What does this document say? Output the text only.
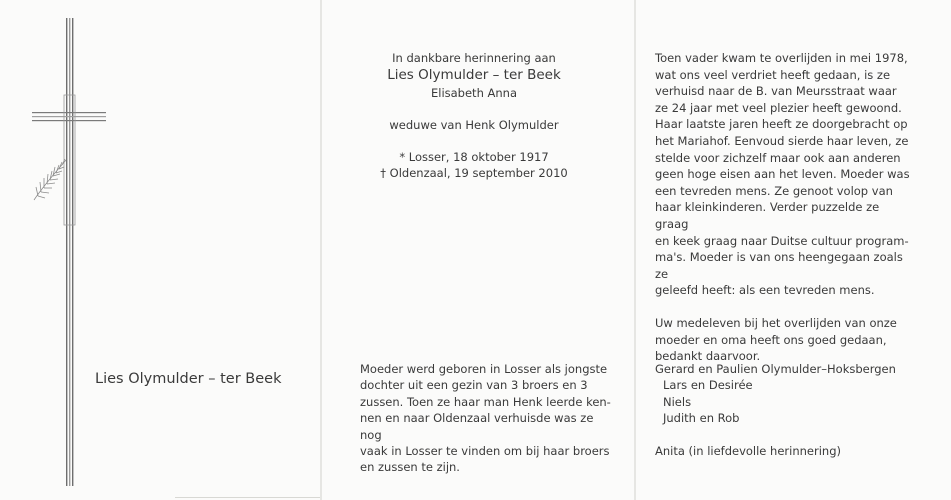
Lies Olymulder – ter Beek
In dankbare herinnering aan
Lies Olymulder – ter Beek
Elisabeth Anna
weduwe van Henk Olymulder
* Losser, 18 oktober 1917
† Oldenzaal, 19 september 2010
Moeder werd geboren in Losser als jongste
dochter uit een gezin van 3 broers en 3
zussen. Toen ze haar man Henk leerde ken-
nen en naar Oldenzaal verhuisde was ze nog
vaak in Losser te vinden om bij haar broers
en zussen te zijn.
Toen vader kwam te overlijden in mei 1978,
wat ons veel verdriet heeft gedaan, is ze
verhuisd naar de B. van Meursstraat waar
ze 24 jaar met veel plezier heeft gewoond.
Haar laatste jaren heeft ze doorgebracht op
het Mariahof. Eenvoud sierde haar leven, ze
stelde voor zichzelf maar ook aan anderen
geen hoge eisen aan het leven. Moeder was
een tevreden mens. Ze genoot volop van
haar kleinkinderen. Verder puzzelde ze graag
en keek graag naar Duitse cultuur program-
ma's. Moeder is van ons heengegaan zoals ze
geleefd heeft: als een tevreden mens.
Uw medeleven bij het overlijden van onze
moeder en oma heeft ons goed gedaan,
bedankt daarvoor.
Gerard en Paulien Olymulder–Hoksbergen
Lars en Desirée
Niels
Judith en Rob
Anita (in liefdevolle herinnering)
